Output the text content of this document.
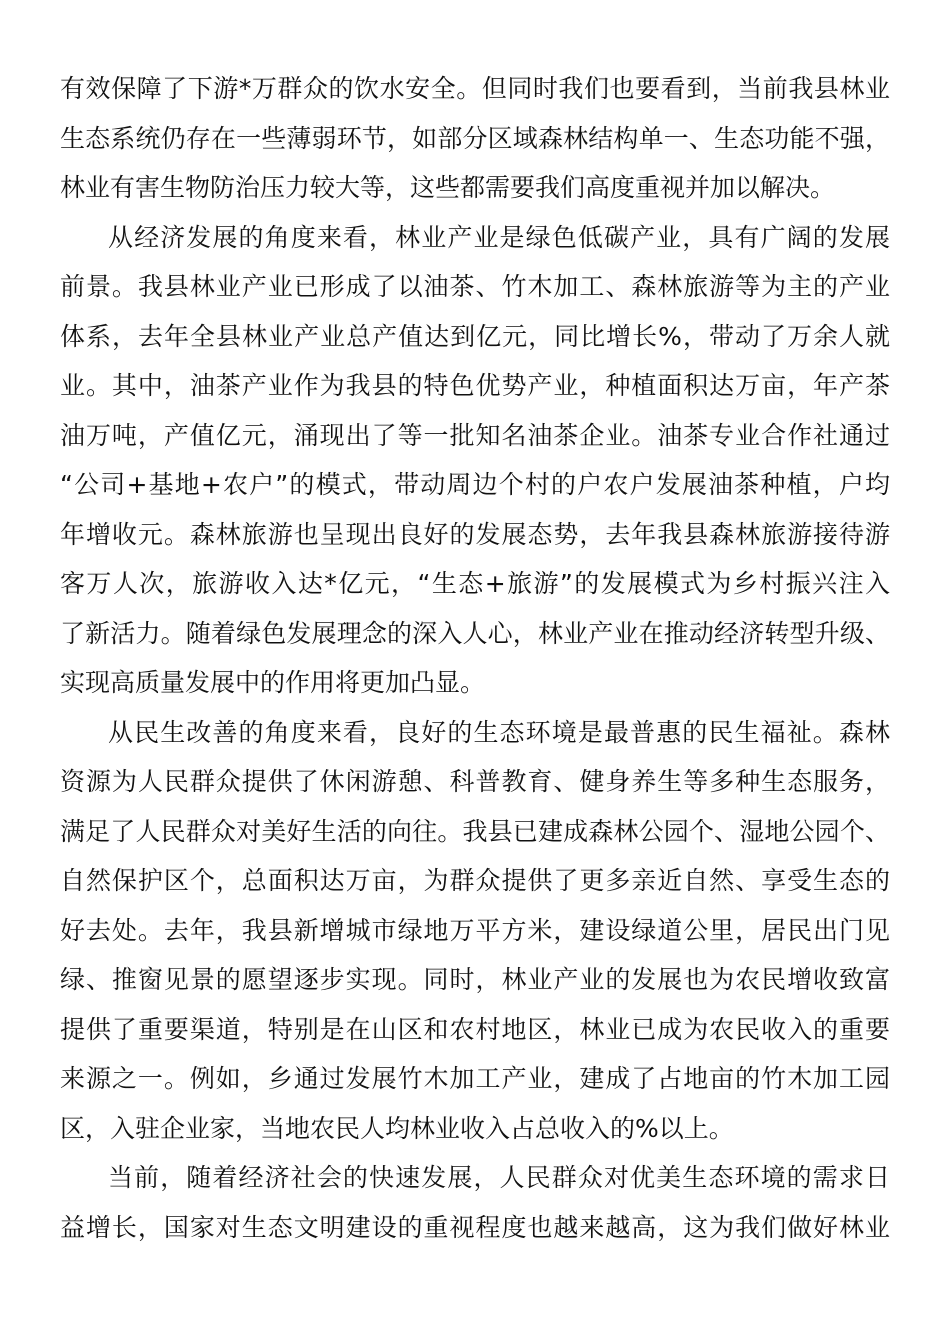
有效保障了下游*万群众的饮水安全。但同时我们也要看到，当前我县林业
生态系统仍存在一些薄弱环节，如部分区域森林结构单一、生态功能不强，
林业有害生物防治压力较大等，这些都需要我们高度重视并加以解决。
从经济发展的角度来看，林业产业是绿色低碳产业，具有广阔的发展
前景。我县林业产业已形成了以油茶、竹木加工、森林旅游等为主的产业
体系，去年全县林业产业总产值达到亿元，同比增长%，带动了万余人就
业。其中，油茶产业作为我县的特色优势产业，种植面积达万亩，年产茶
油万吨，产值亿元，涌现出了等一批知名油茶企业。油茶专业合作社通过
“公司+基地+农户”的模式，带动周边个村的户农户发展油茶种植，户均
年增收元。森林旅游也呈现出良好的发展态势，去年我县森林旅游接待游
客万人次，旅游收入达*亿元，“生态+旅游”的发展模式为乡村振兴注入
了新活力。随着绿色发展理念的深入人心，林业产业在推动经济转型升级、
实现高质量发展中的作用将更加凸显。
从民生改善的角度来看，良好的生态环境是最普惠的民生福祉。森林
资源为人民群众提供了休闲游憩、科普教育、健身养生等多种生态服务，
满足了人民群众对美好生活的向往。我县已建成森林公园个、湿地公园个、
自然保护区个，总面积达万亩，为群众提供了更多亲近自然、享受生态的
好去处。去年，我县新增城市绿地万平方米，建设绿道公里，居民出门见
绿、推窗见景的愿望逐步实现。同时，林业产业的发展也为农民增收致富
提供了重要渠道，特别是在山区和农村地区，林业已成为农民收入的重要
来源之一。例如，乡通过发展竹木加工产业，建成了占地亩的竹木加工园
区，入驻企业家，当地农民人均林业收入占总收入的%以上。
当前，随着经济社会的快速发展，人民群众对优美生态环境的需求日
益增长，国家对生态文明建设的重视程度也越来越高，这为我们做好林业
